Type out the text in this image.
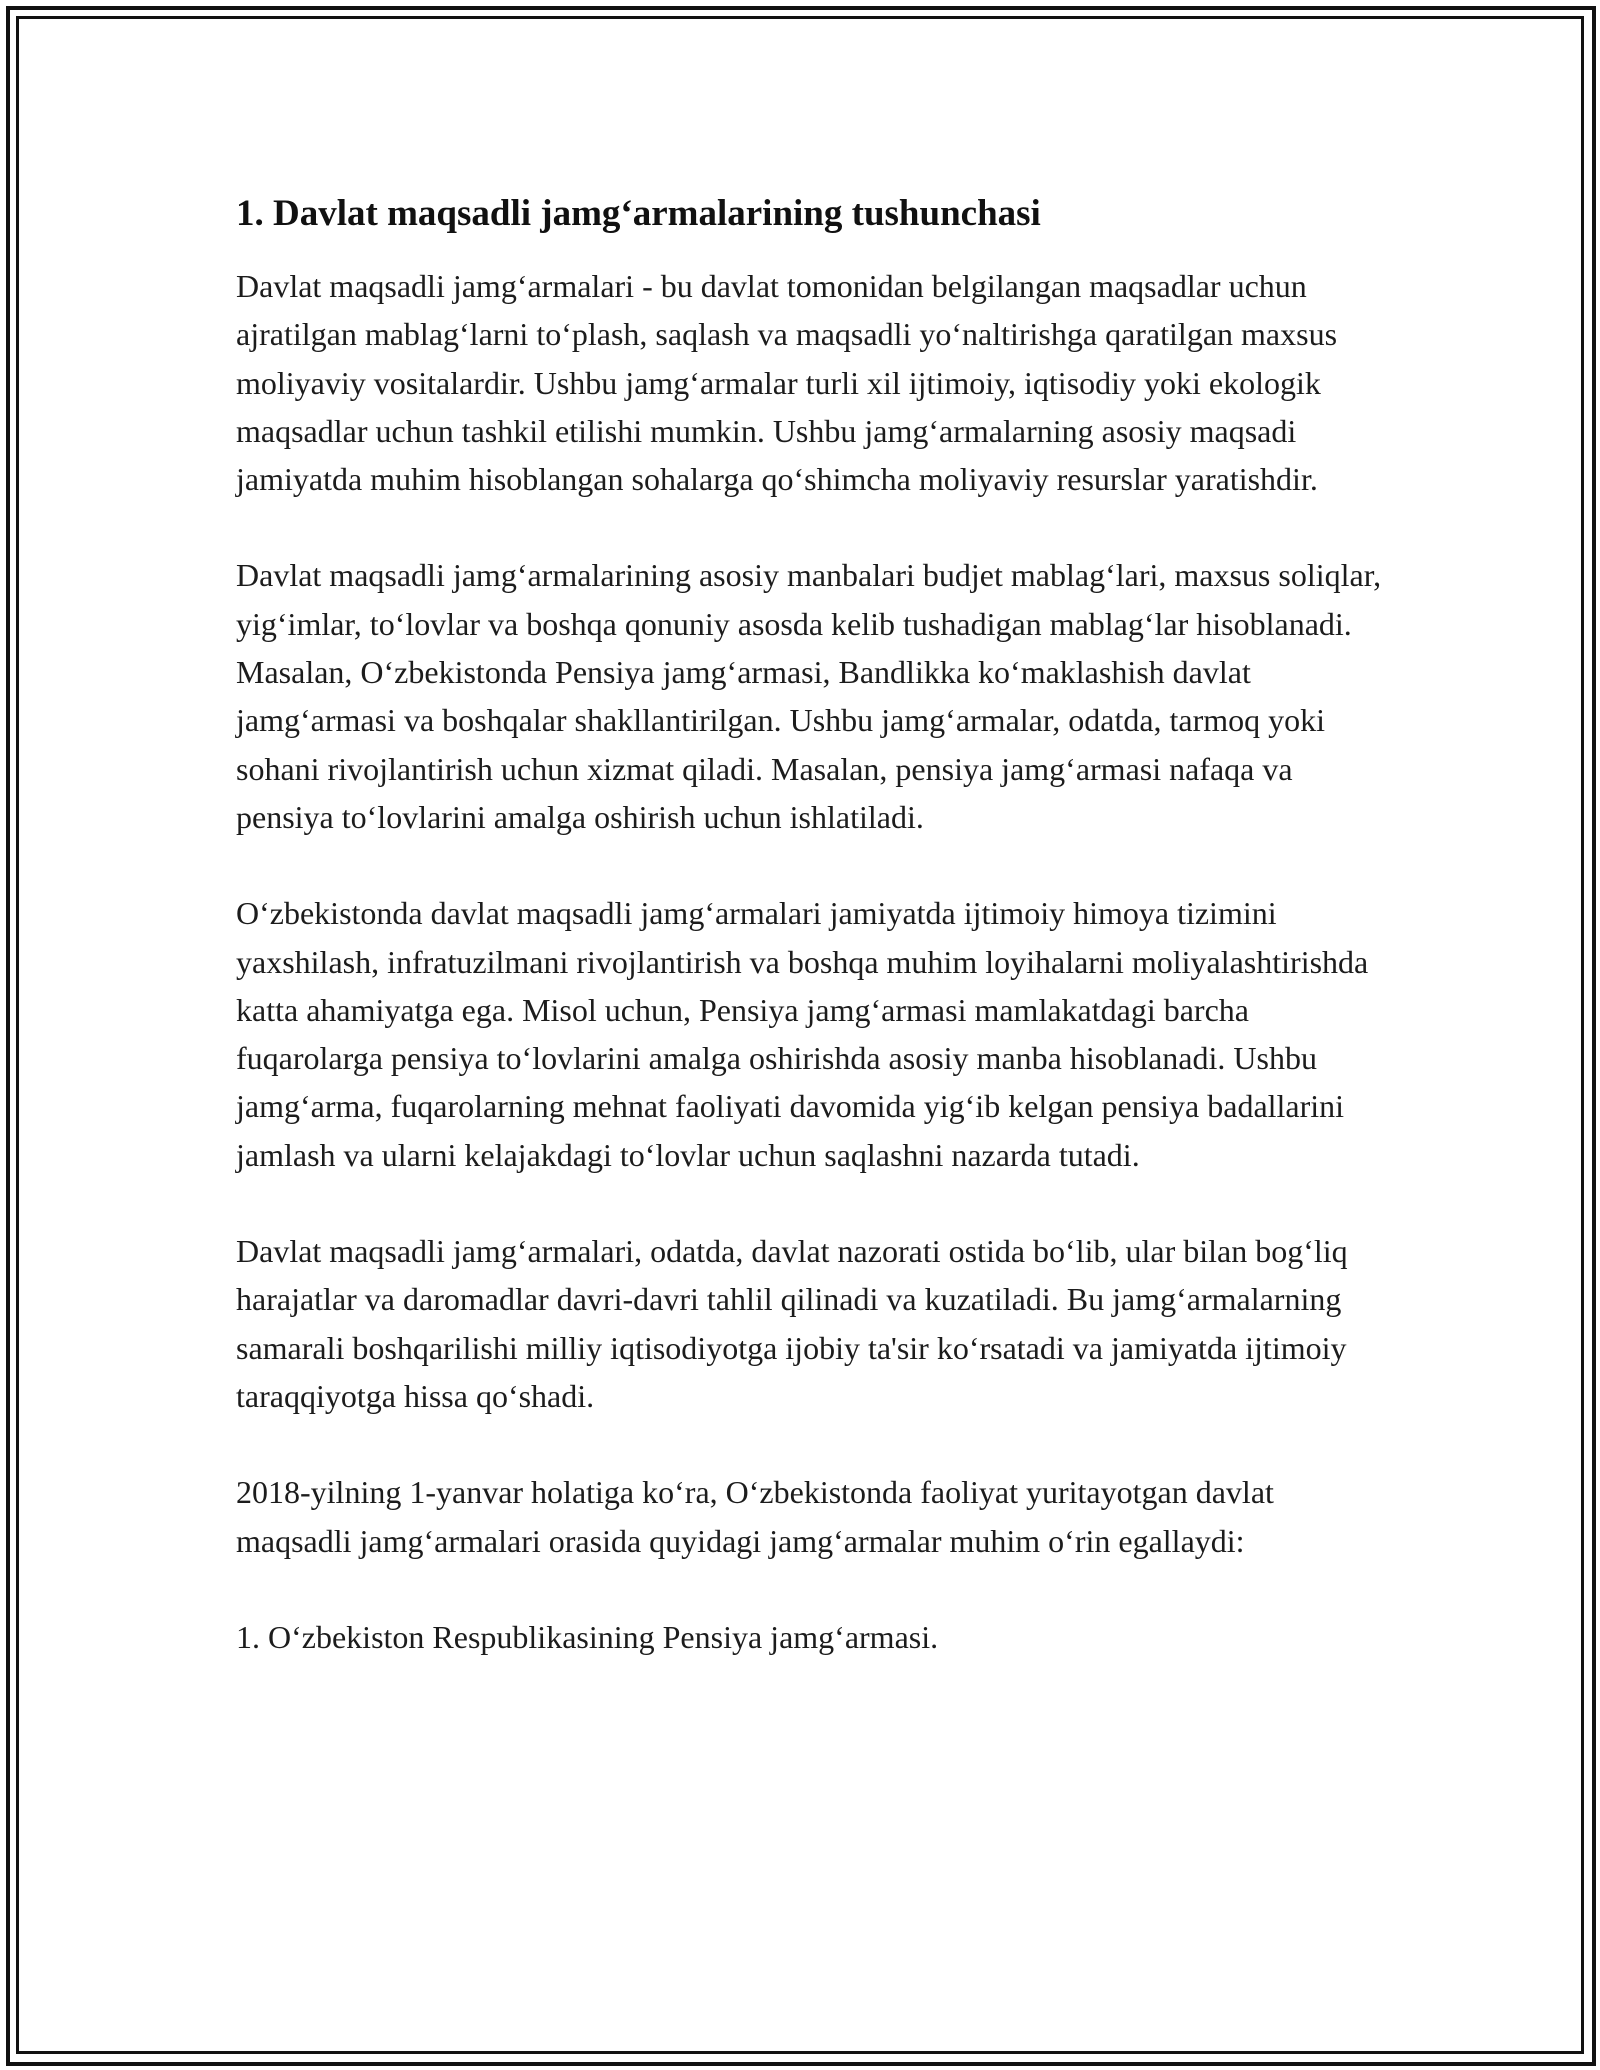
1. Davlat maqsadli jamg‘armalarining tushunchasi

Davlat maqsadli jamg‘armalari - bu davlat tomonidan belgilangan maqsadlar uchun ajratilgan mablag‘larni to‘plash, saqlash va maqsadli yo‘naltirishga qaratilgan maxsus moliyaviy vositalardir. Ushbu jamg‘armalar turli xil ijtimoiy, iqtisodiy yoki ekologik maqsadlar uchun tashkil etilishi mumkin. Ushbu jamg‘armalarning asosiy maqsadi jamiyatda muhim hisoblangan sohalarga qo‘shimcha moliyaviy resurslar yaratishdir.

Davlat maqsadli jamg‘armalarining asosiy manbalari budjet mablag‘lari, maxsus soliqlar, yig‘imlar, to‘lovlar va boshqa qonuniy asosda kelib tushadigan mablag‘lar hisoblanadi. Masalan, O‘zbekistonda Pensiya jamg‘armasi, Bandlikka ko‘maklashish davlat jamg‘armasi va boshqalar shakllantirilgan. Ushbu jamg‘armalar, odatda, tarmoq yoki sohani rivojlantirish uchun xizmat qiladi. Masalan, pensiya jamg‘armasi nafaqa va pensiya to‘lovlarini amalga oshirish uchun ishlatiladi.

O‘zbekistonda davlat maqsadli jamg‘armalari jamiyatda ijtimoiy himoya tizimini yaxshilash, infratuzilmani rivojlantirish va boshqa muhim loyihalarni moliyalashtirishda katta ahamiyatga ega. Misol uchun, Pensiya jamg‘armasi mamlakatdagi barcha fuqarolarga pensiya to‘lovlarini amalga oshirishda asosiy manba hisoblanadi. Ushbu jamg‘arma, fuqarolarning mehnat faoliyati davomida yig‘ib kelgan pensiya badallarini jamlash va ularni kelajakdagi to‘lovlar uchun saqlashni nazarda tutadi.

Davlat maqsadli jamg‘armalari, odatda, davlat nazorati ostida bo‘lib, ular bilan bog‘liq harajatlar va daromadlar davri-davri tahlil qilinadi va kuzatiladi. Bu jamg‘armalarning samarali boshqarilishi milliy iqtisodiyotga ijobiy ta'sir ko‘rsatadi va jamiyatda ijtimoiy taraqqiyotga hissa qo‘shadi.

2018-yilning 1-yanvar holatiga ko‘ra, O‘zbekistonda faoliyat yuritayotgan davlat maqsadli jamg‘armalari orasida quyidagi jamg‘armalar muhim o‘rin egallaydi:

1. O‘zbekiston Respublikasining Pensiya jamg‘armasi.
